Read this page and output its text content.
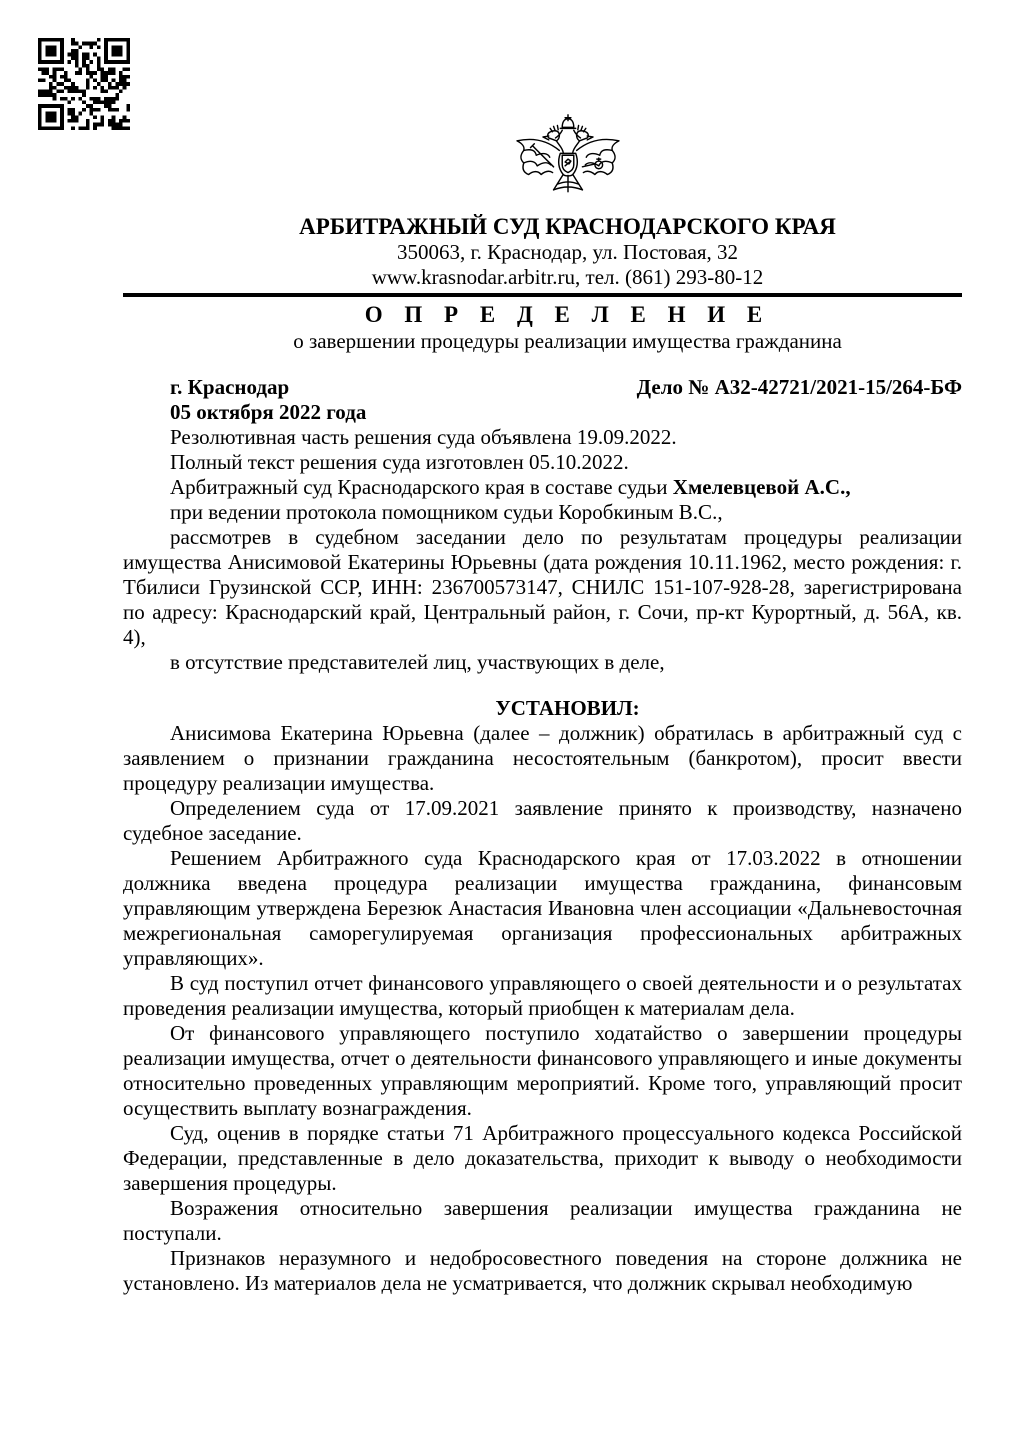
АРБИТРАЖНЫЙ СУД КРАСНОДАРСКОГО КРАЯ
350063, г. Краснодар, ул. Постовая, 32
www.krasnodar.arbitr.ru, тел. (861) 293-80-12
О П Р Е Д Е Л Е Н И Е
о завершении процедуры реализации имущества гражданина
г. Краснодар
05 октября 2022 года
Дело № А32-42721/2021-15/264-БФ

Резолютивная часть решения суда объявлена 19.09.2022.

Полный текст решения суда изготовлен 05.10.2022.

Арбитражный суд Краснодарского края в составе судьи Хмелевцевой А.С.,

при ведении протокола помощником судьи Коробкиным В.С.,

рассмотрев в судебном заседании дело по результатам процедуры реализации имущества Анисимовой Екатерины Юрьевны (дата рождения 10.11.1962, место рождения: г. Тбилиси Грузинской ССР, ИНН: 236700573147, СНИЛС 151-107-928-28, зарегистрирована по адресу: Краснодарский край, Центральный район, г. Сочи, пр-кт Курортный, д. 56А, кв. 4),

в отсутствие представителей лиц, участвующих в деле,

УСТАНОВИЛ:

Анисимова Екатерина Юрьевна (далее – должник) обратилась в арбитражный суд с заявлением о признании гражданина несостоятельным (банкротом), просит ввести процедуру реализации имущества.

Определением суда от 17.09.2021 заявление принято к производству, назначено судебное заседание.

Решением Арбитражного суда Краснодарского края от 17.03.2022 в отношении должника введена процедура реализации имущества гражданина, финансовым управляющим утверждена Березюк Анастасия Ивановна член ассоциации «Дальневосточная межрегиональная саморегулируемая организация профессиональных арбитражных управляющих».

В суд поступил отчет финансового управляющего о своей деятельности и о результатах проведения реализации имущества, который приобщен к материалам дела.

От финансового управляющего поступило ходатайство о завершении процедуры реализации имущества, отчет о деятельности финансового управляющего и иные документы относительно проведенных управляющим мероприятий. Кроме того, управляющий просит осуществить выплату вознаграждения.

Суд, оценив в порядке статьи 71 Арбитражного процессуального кодекса Российской Федерации, представленные в дело доказательства, приходит к выводу о необходимости завершения процедуры.

Возражения относительно завершения реализации имущества гражданина не поступали.

Признаков неразумного и недобросовестного поведения на стороне должника не установлено. Из материалов дела не усматривается, что должник скрывал необходимую
